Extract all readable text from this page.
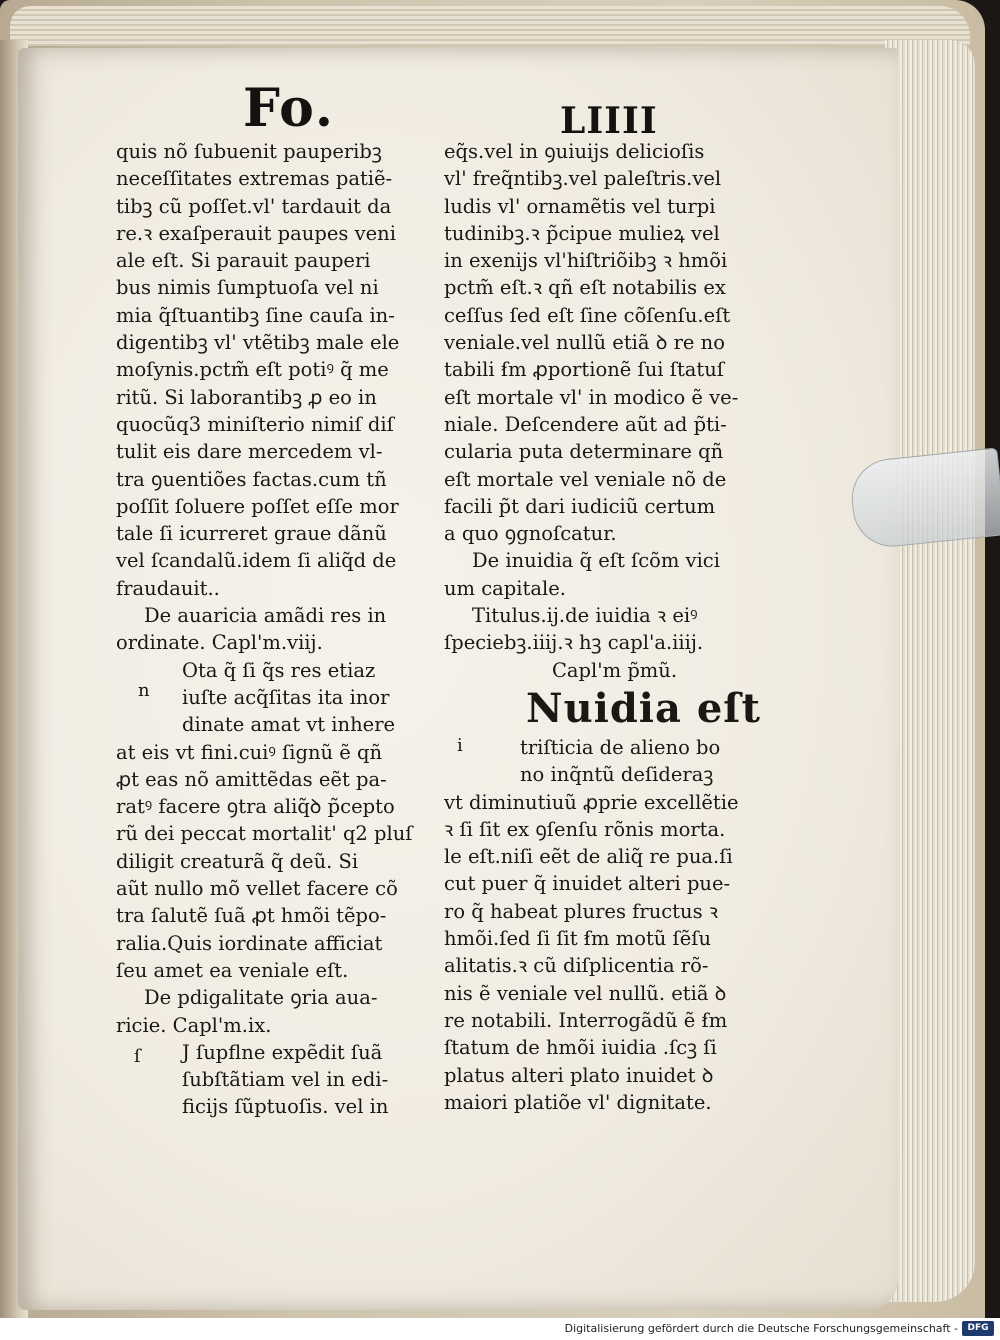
Fo.	LIIII
quis nõ ſubuenit pauperibꝫ
neceſſitates extremas patiẽ-
tibꝫ cũ poſſet.vl' tardauit da
re.ꝛ exaſperauit paupes veni
ale eſt. Si parauit pauperi
bus nimis ſumptuoſa vel ni
mia q̃ſtuantibꝫ ſine cauſa in-
digentibꝫ vl' vtẽtibꝫ male ele
moſynis.pctm̃ eſt potiꝰ q̃ me
ritũ. Si laborantibꝫ ꝓ eo in
quocũq3 miniſterio nimiſ diſ
tulit eis dare mercedem vl-
tra ꝯuentiões factas.cum tñ
poſſit ſoluere poſſet eſſe mor
tale ſi icurreret graue dãnũ
vel ſcandalũ.idem ſi aliq̃d de
fraudauit..
De auaricia amãdi res in
ordinate. Capl'm.viij.
Ota q̃ ſi q̃s res etiaz
iuſte acq̃ſitas ita inor
dinate amat vt inhere
at eis vt fini.cuiꝰ ſignũ ẽ qñ
ꝓt eas nõ amittẽdas eẽt pa-
ratꝰ facere ꝯtra aliq̃ꝺ p̃cepto
rũ dei peccat mortalit' q2 pluſ
diligit creaturã q̃ deũ. Si
aũt nullo mõ vellet facere cõ
tra ſalutẽ ſuã ꝓt hmõi tẽpo-
ralia.Quis iordinate afficiat
ſeu amet ea veniale eſt.
De pdigalitate ꝯria aua-
ricie. Capl'm.ix.
J ſupflne expẽdit ſuã
ſubſtãtiam vel in edi-
ficijs ſũptuoſis. vel in
n
ſ
eq̃s.vel in ꝯuiuijs delicioſis
vl' freq̃ntibꝫ.vel paleſtris.vel
ludis vl' ornamẽtis vel turpi
tudinibꝫ.ꝛ p̃cipue mulieꝝ vel
in exenijs vl'hiſtriõibꝫ ꝛ hmõi
pctm̃ eſt.ꝛ qñ eſt notabilis ex
ceſſus ſed eſt ſine cõſenſu.eſt
veniale.vel nullũ etiã ꝺ re no
tabili ẜm ꝓportionẽ ſui ſtatuſ
eſt mortale vl' in modico ẽ ve-
niale. Deſcendere aũt ad p̃ti-
cularia puta determinare qñ
eſt mortale vel veniale nõ de
facili p̃t dari iudiciũ certum
a quo ꝯgnoſcatur.
De inuidia q̃ eſt ſcõm vici
um capitale.
Titulus.ij.de iuidia ꝛ eiꝰ
ſpeciebꝫ.iiij.ꝛ hꝫ capl'a.iiij.
Capl'm p̃mũ.
Nuidia eſt
triſticia de alieno bo
no inq̃ntũ deſideraꝫ
vt diminutiuũ ꝓprie excellẽtie
ꝛ ſi ſit ex ꝯſenſu rõnis morta.
le eſt.niſi eẽt de aliq̃ re pua.ſi
cut puer q̃ inuidet alteri pue-
ro q̃ habeat plures fructus ꝛ
hmõi.ſed ſi ſit ẜm motũ ſẽſu
alitatis.ꝛ cũ diſplicentia rõ-
nis ẽ veniale vel nullũ. etiã ꝺ
re notabili. Interrogãdũ ẽ ẜm
ſtatum de hmõi iuidia .ſcꝫ ſi
platus alteri plato inuidet ꝺ
maiori platiõe vl' dignitate.
i
Digitalisierung gefördert durch die Deutsche Forschungsgemeinschaft -	DFG
